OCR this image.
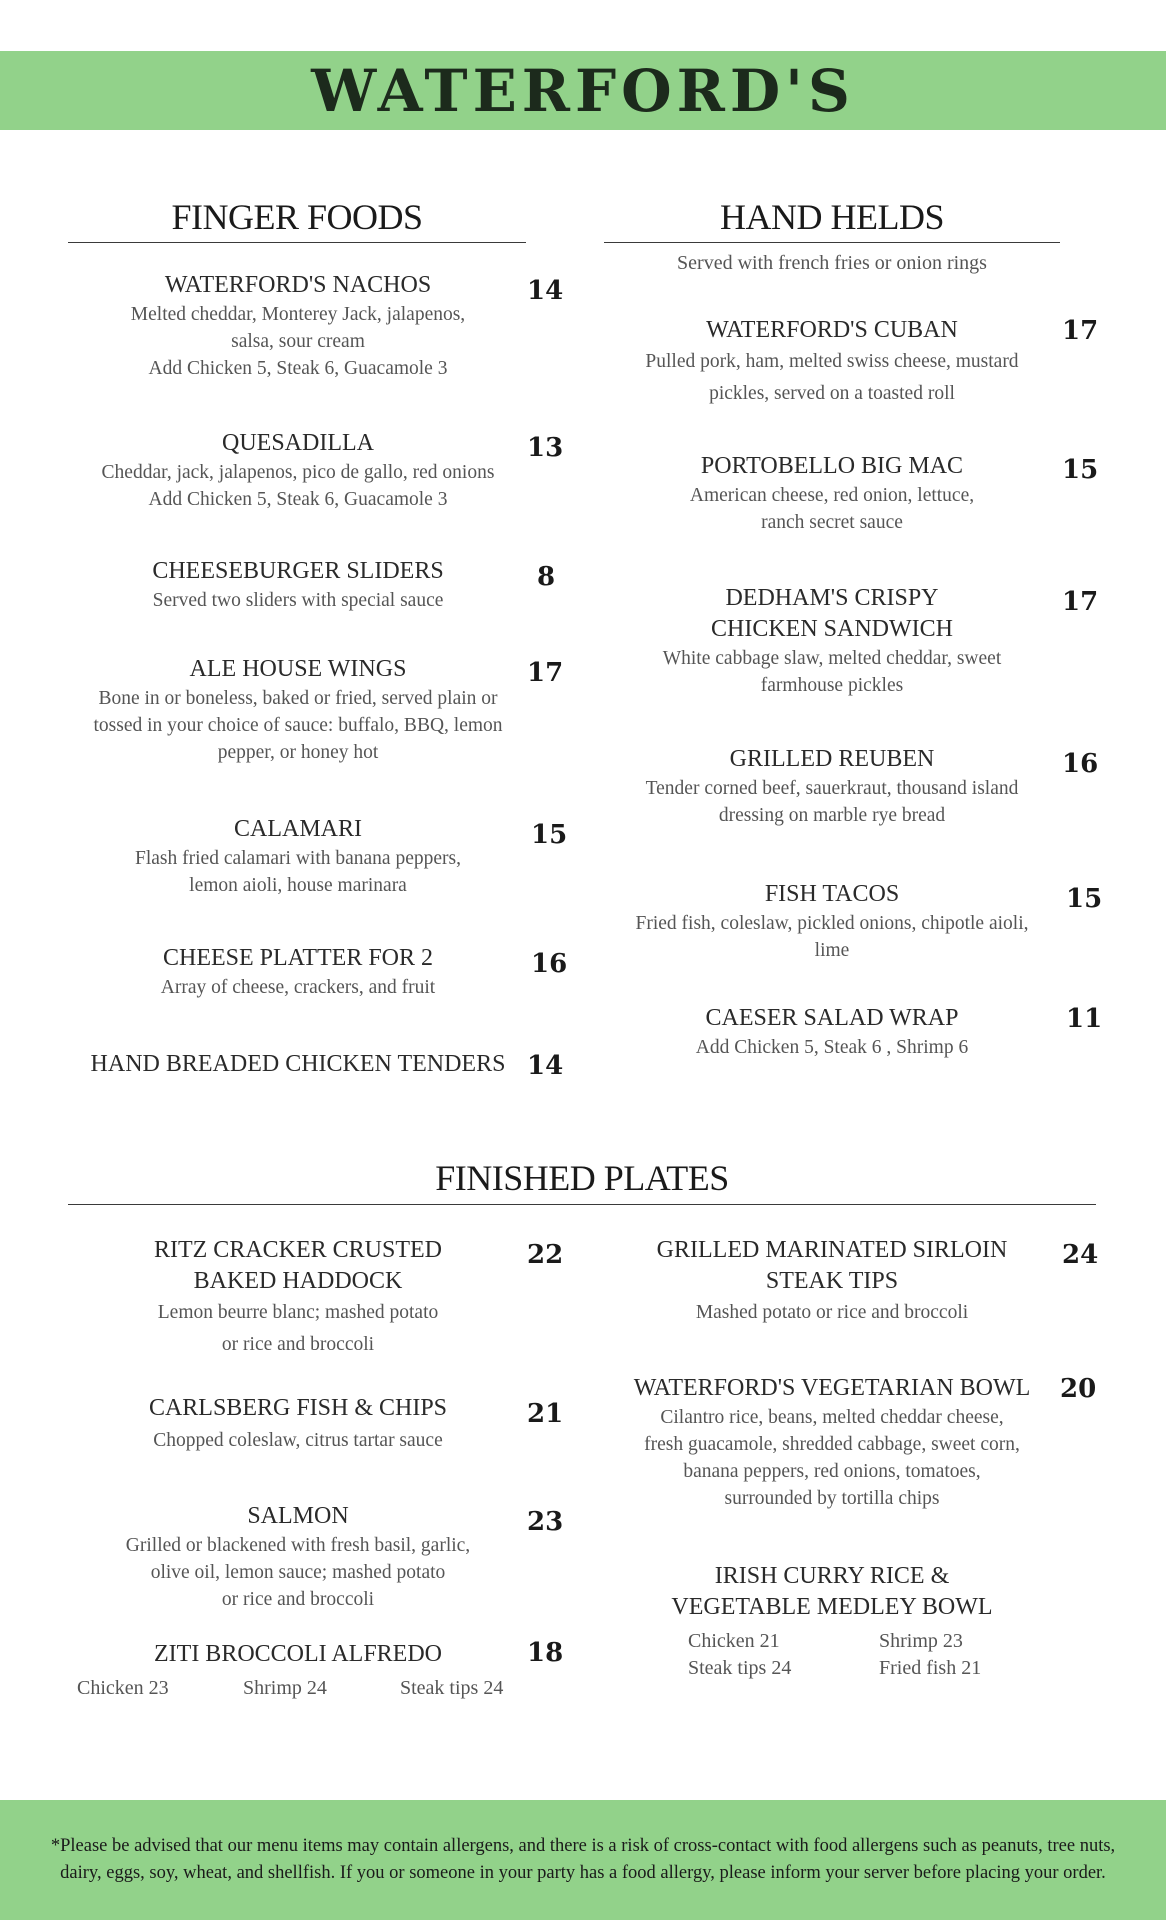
WATERFORD'S
FINGER FOODS
WATERFORD'S NACHOS
Melted cheddar, Monterey Jack, jalapenos,
salsa, sour cream
Add Chicken 5, Steak 6, Guacamole 3
14
QUESADILLA
Cheddar, jack, jalapenos, pico de gallo, red onions
Add Chicken 5, Steak 6, Guacamole 3
13
CHEESEBURGER SLIDERS
Served two sliders with special sauce
8
ALE HOUSE WINGS
Bone in or boneless, baked or fried, served plain or
tossed in your choice of sauce: buffalo, BBQ, lemon
pepper, or honey hot
17
CALAMARI
Flash fried calamari with banana peppers,
lemon aioli, house marinara
15
CHEESE PLATTER FOR 2
Array of cheese, crackers, and fruit
16
HAND BREADED CHICKEN TENDERS 14
HAND HELDS
Served with french fries or onion rings
WATERFORD'S CUBAN
Pulled pork, ham, melted swiss cheese, mustard
pickles, served on a toasted roll
17
PORTOBELLO BIG MAC
American cheese, red onion, lettuce,
ranch secret sauce
15
DEDHAM'S CRISPY
CHICKEN SANDWICH
White cabbage slaw, melted cheddar, sweet
farmhouse pickles
17
GRILLED REUBEN
Tender corned beef, sauerkraut, thousand island
dressing on marble rye bread
16
FISH TACOS
Fried fish, coleslaw, pickled onions, chipotle aioli,
lime
15
CAESER SALAD WRAP
Add Chicken 5, Steak 6 , Shrimp 6
11
FINISHED PLATES
RITZ CRACKER CRUSTED
BAKED HADDOCK
Lemon beurre blanc; mashed potato
or rice and broccoli
22
CARLSBERG FISH & CHIPS
Chopped coleslaw, citrus tartar sauce
21
SALMON
Grilled or blackened with fresh basil, garlic,
olive oil, lemon sauce; mashed potato
or rice and broccoli
23
ZITI BROCCOLI ALFREDO	18
Chicken 23	Shrimp 24	Steak tips 24
GRILLED MARINATED SIRLOIN
STEAK TIPS
Mashed potato or rice and broccoli
24
WATERFORD'S VEGETARIAN BOWL
Cilantro rice, beans, melted cheddar cheese,
fresh guacamole, shredded cabbage, sweet corn,
banana peppers, red onions, tomatoes,
surrounded by tortilla chips
20
IRISH CURRY RICE &
VEGETABLE MEDLEY BOWL
Chicken 21	Shrimp 23
Steak tips 24	Fried fish 21
*Please be advised that our menu items may contain allergens, and there is a risk of cross-contact with food allergens such as peanuts, tree nuts,
dairy, eggs, soy, wheat, and shellfish. If you or someone in your party has a food allergy, please inform your server before placing your order.
